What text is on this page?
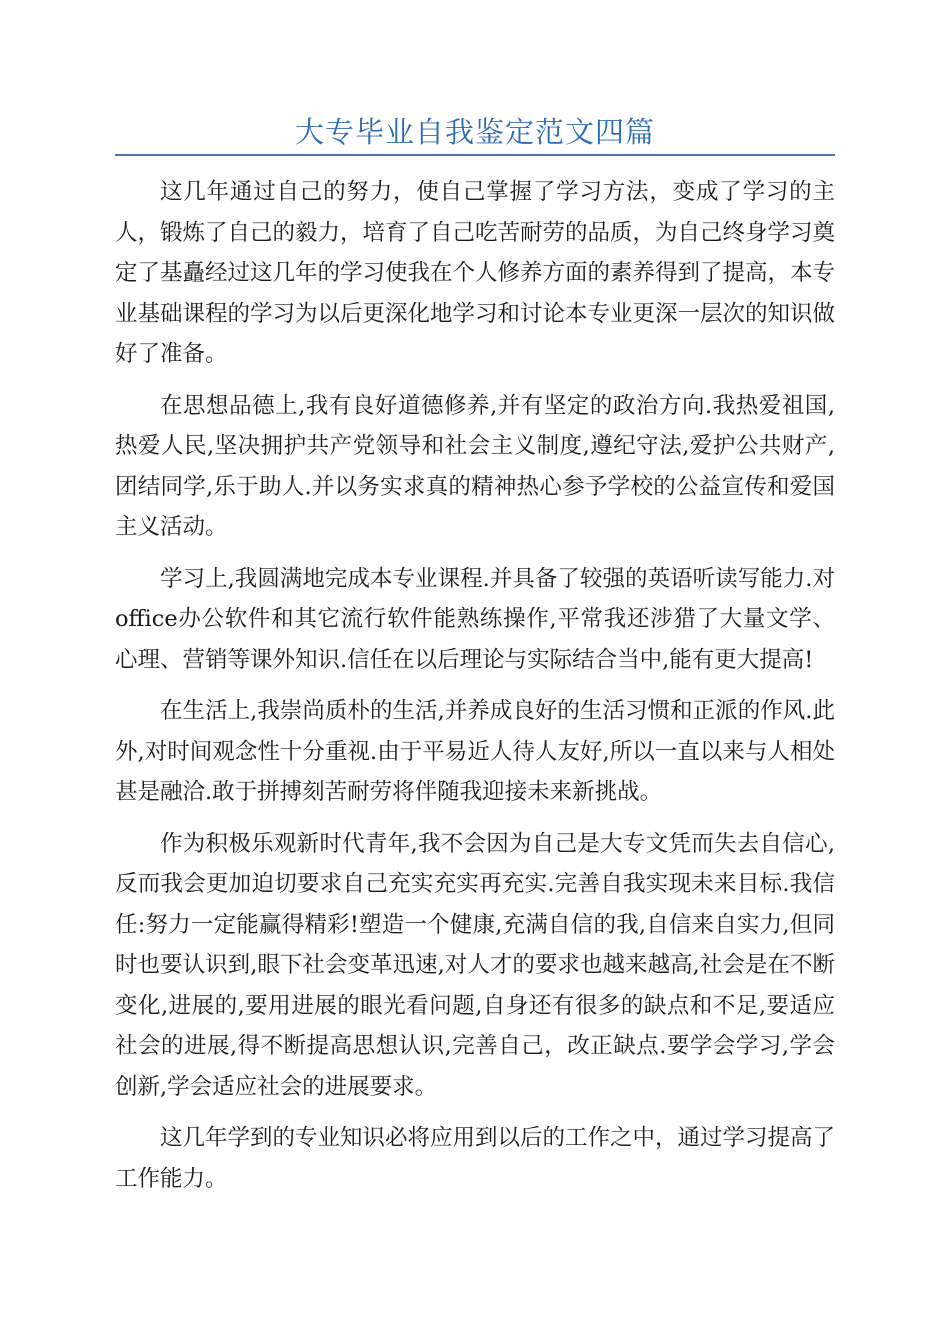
大专毕业自我鉴定范文四篇

这几年通过自己的努力，使自己掌握了学习方法，变成了学习的主人，锻炼了自己的毅力，培育了自己吃苦耐劳的品质，为自己终身学习奠定了基矗经过这几年的学习使我在个人修养方面的素养得到了提高，本专业基础课程的学习为以后更深化地学习和讨论本专业更深一层次的知识做好了准备。

在思想品德上,我有良好道德修养,并有坚定的政治方向.我热爱祖国,热爱人民,坚决拥护共产党领导和社会主义制度,遵纪守法,爱护公共财产,团结同学,乐于助人.并以务实求真的精神热心参予学校的公益宣传和爱国主义活动。

学习上,我圆满地完成本专业课程.并具备了较强的英语听读写能力.对office办公软件和其它流行软件能熟练操作,平常我还涉猎了大量文学、心理、营销等课外知识.信任在以后理论与实际结合当中,能有更大提高!

在生活上,我崇尚质朴的生活,并养成良好的生活习惯和正派的作风.此外,对时间观念性十分重视.由于平易近人待人友好,所以一直以来与人相处甚是融洽.敢于拼搏刻苦耐劳将伴随我迎接未来新挑战。

作为积极乐观新时代青年,我不会因为自己是大专文凭而失去自信心,反而我会更加迫切要求自己充实充实再充实.完善自我实现未来目标.我信任:努力一定能赢得精彩!塑造一个健康,充满自信的我,自信来自实力,但同时也要认识到,眼下社会变革迅速,对人才的要求也越来越高,社会是在不断变化,进展的,要用进展的眼光看问题,自身还有很多的缺点和不足,要适应社会的进展,得不断提高思想认识,完善自己，改正缺点.要学会学习,学会创新,学会适应社会的进展要求。

这几年学到的专业知识必将应用到以后的工作之中，通过学习提高了工作能力。
